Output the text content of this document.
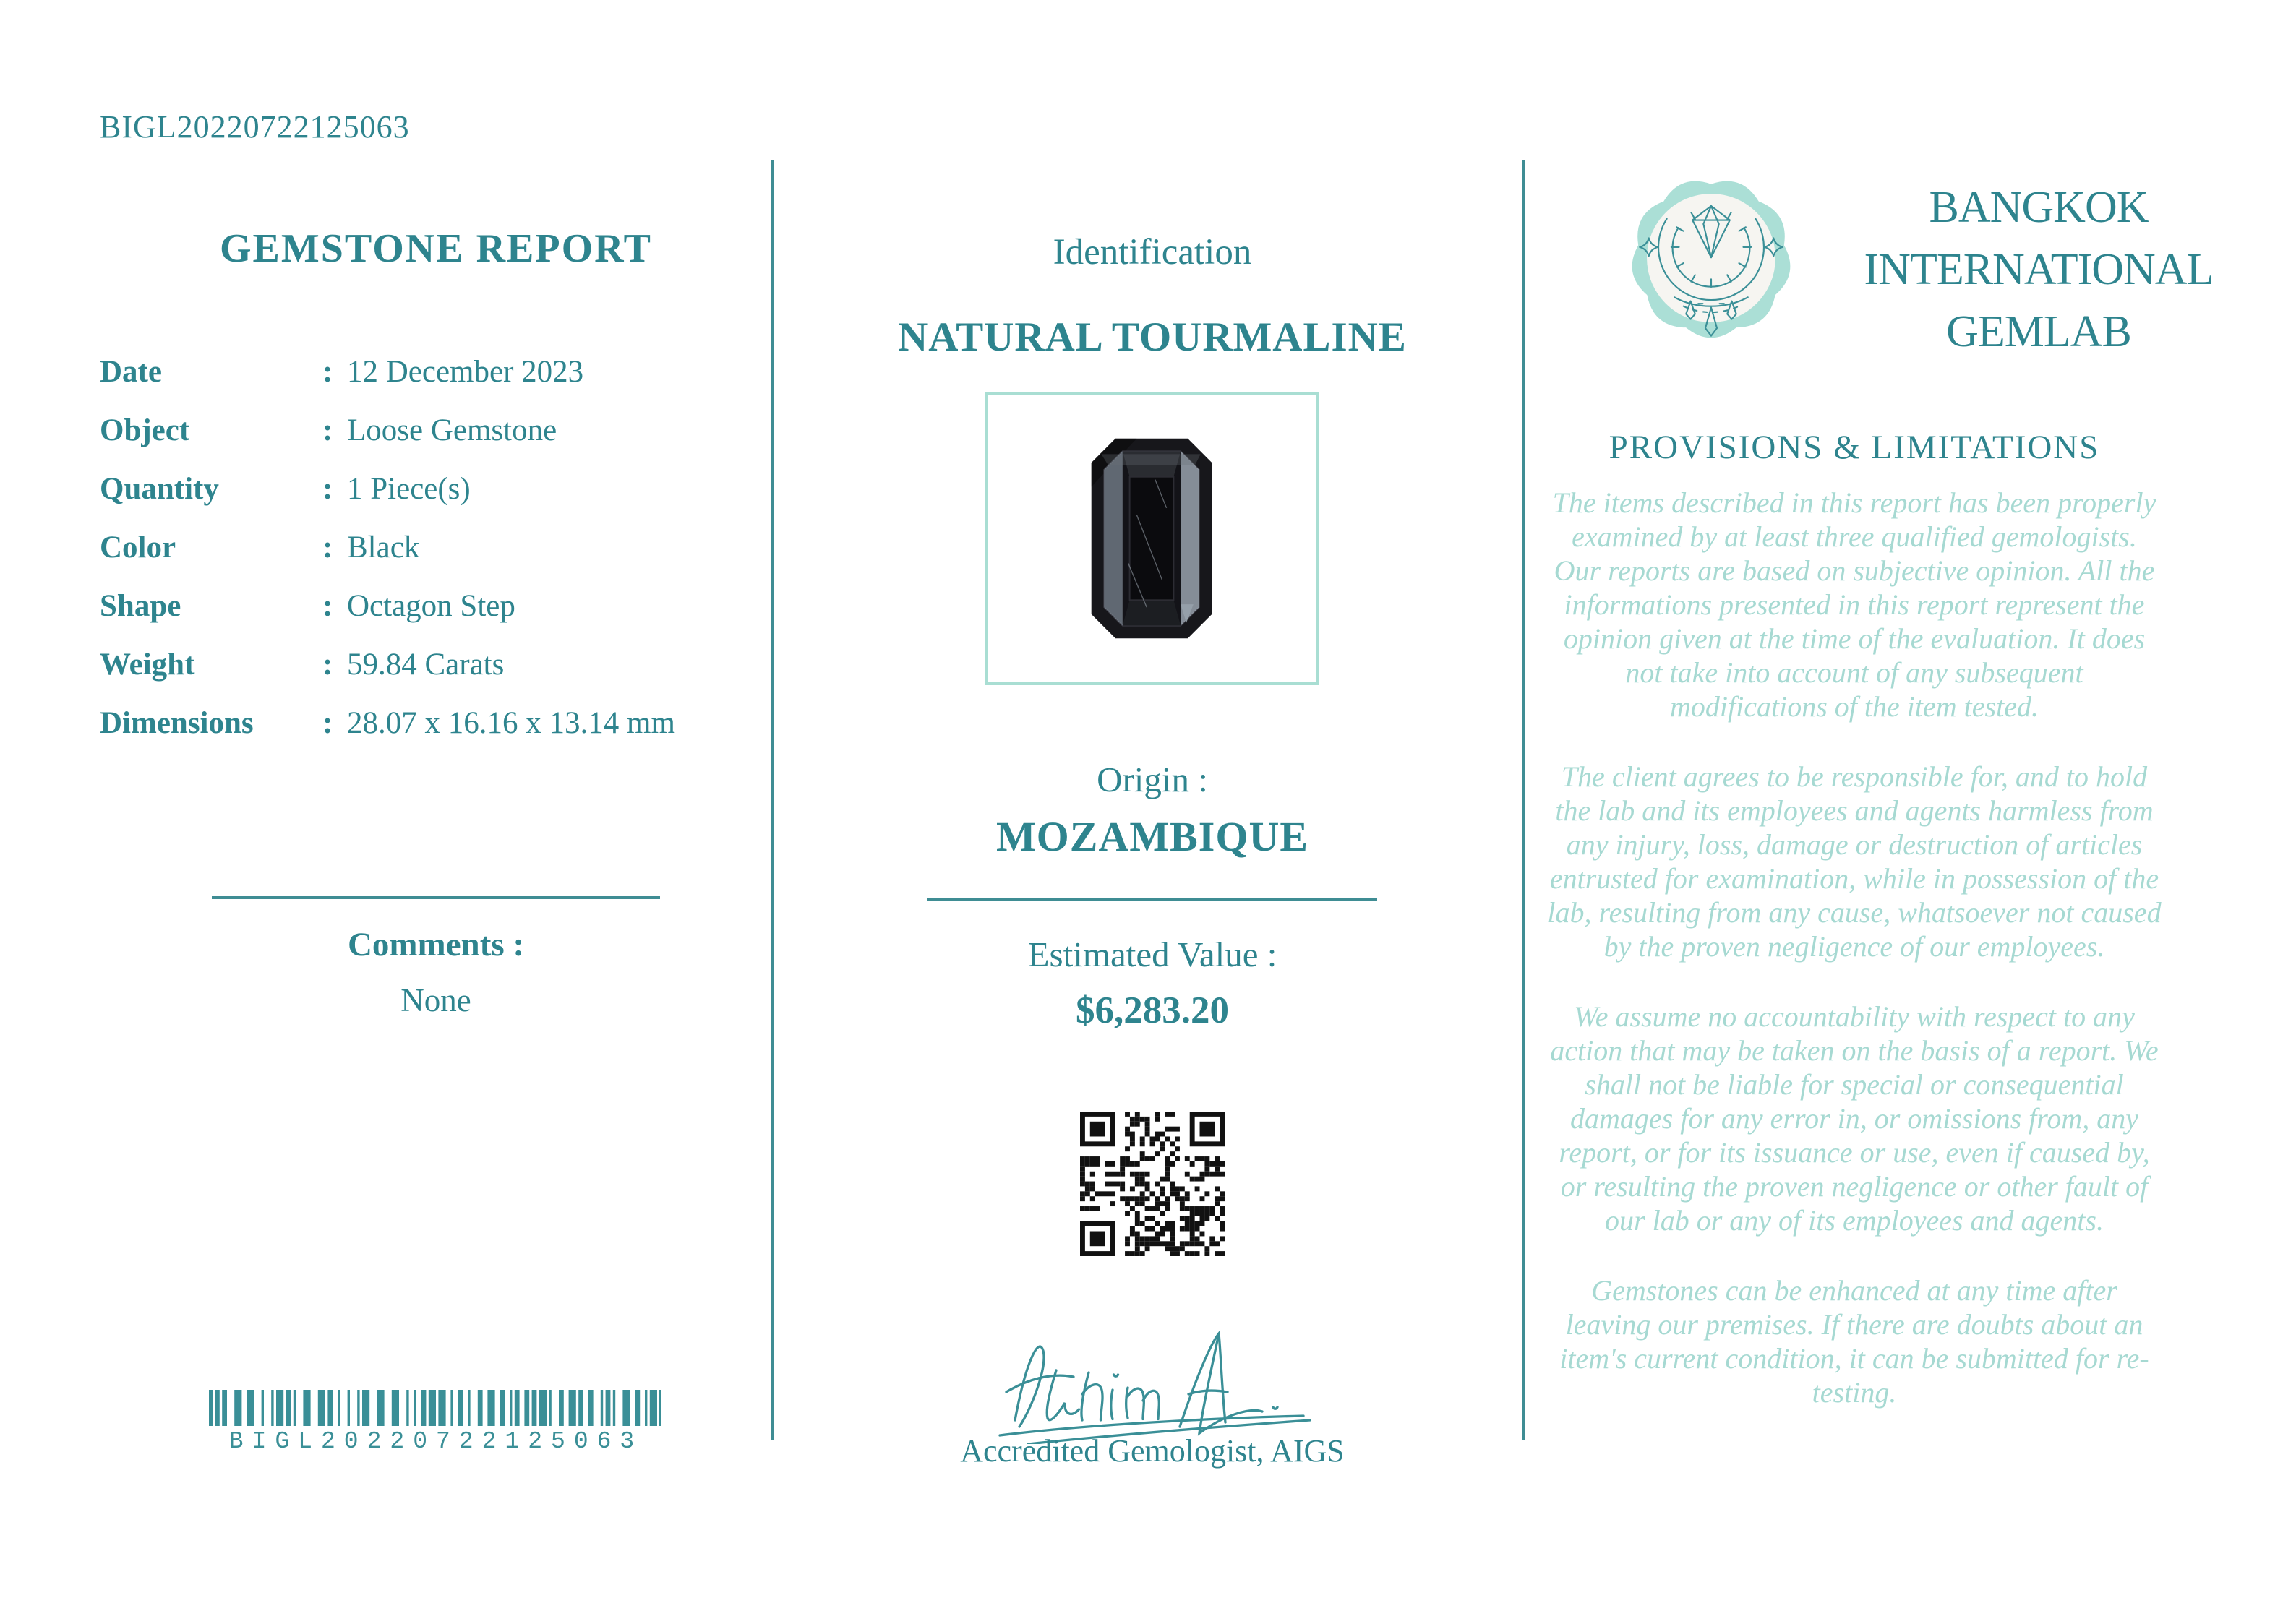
BIGL20220722125063
GEMSTONE REPORT
Date	: 12 December 2023
Object	: Loose Gemstone
Quantity	: 1 Piece(s)
Color	: Black
Shape	: Octagon Step
Weight	: 59.84 Carats
Dimensions	: 28.07 x 16.16 x 13.14 mm
Comments :
None
BIGL20220722125063
Identification
NATURAL TOURMALINE
Origin :
MOZAMBIQUE
Estimated Value :
$6,283.20
Accredited Gemologist, AIGS
BANGKOK
INTERNATIONAL
GEMLAB
PROVISIONS & LIMITATIONS

The items described in this report has been properly examined by at least three qualified gemologists. Our reports are based on subjective opinion. All the informations presented in this report represent the opinion given at the time of the evaluation. It does not take into account of any subsequent modifications of the item tested.

The client agrees to be responsible for, and to hold the lab and its employees and agents harmless from any injury, loss, damage or destruction of articles entrusted for examination, while in possession of the lab, resulting from any cause, whatsoever not caused by the proven negligence of our employees.

We assume no accountability with respect to any action that may be taken on the basis of a report. We shall not be liable for special or consequential damages for any error in, or omissions from, any report, or for its issuance or use, even if caused by, or resulting the proven negligence or other fault of our lab or any of its employees and agents.

Gemstones can be enhanced at any time after leaving our premises. If there are doubts about an item's current condition, it can be submitted for re-testing.
